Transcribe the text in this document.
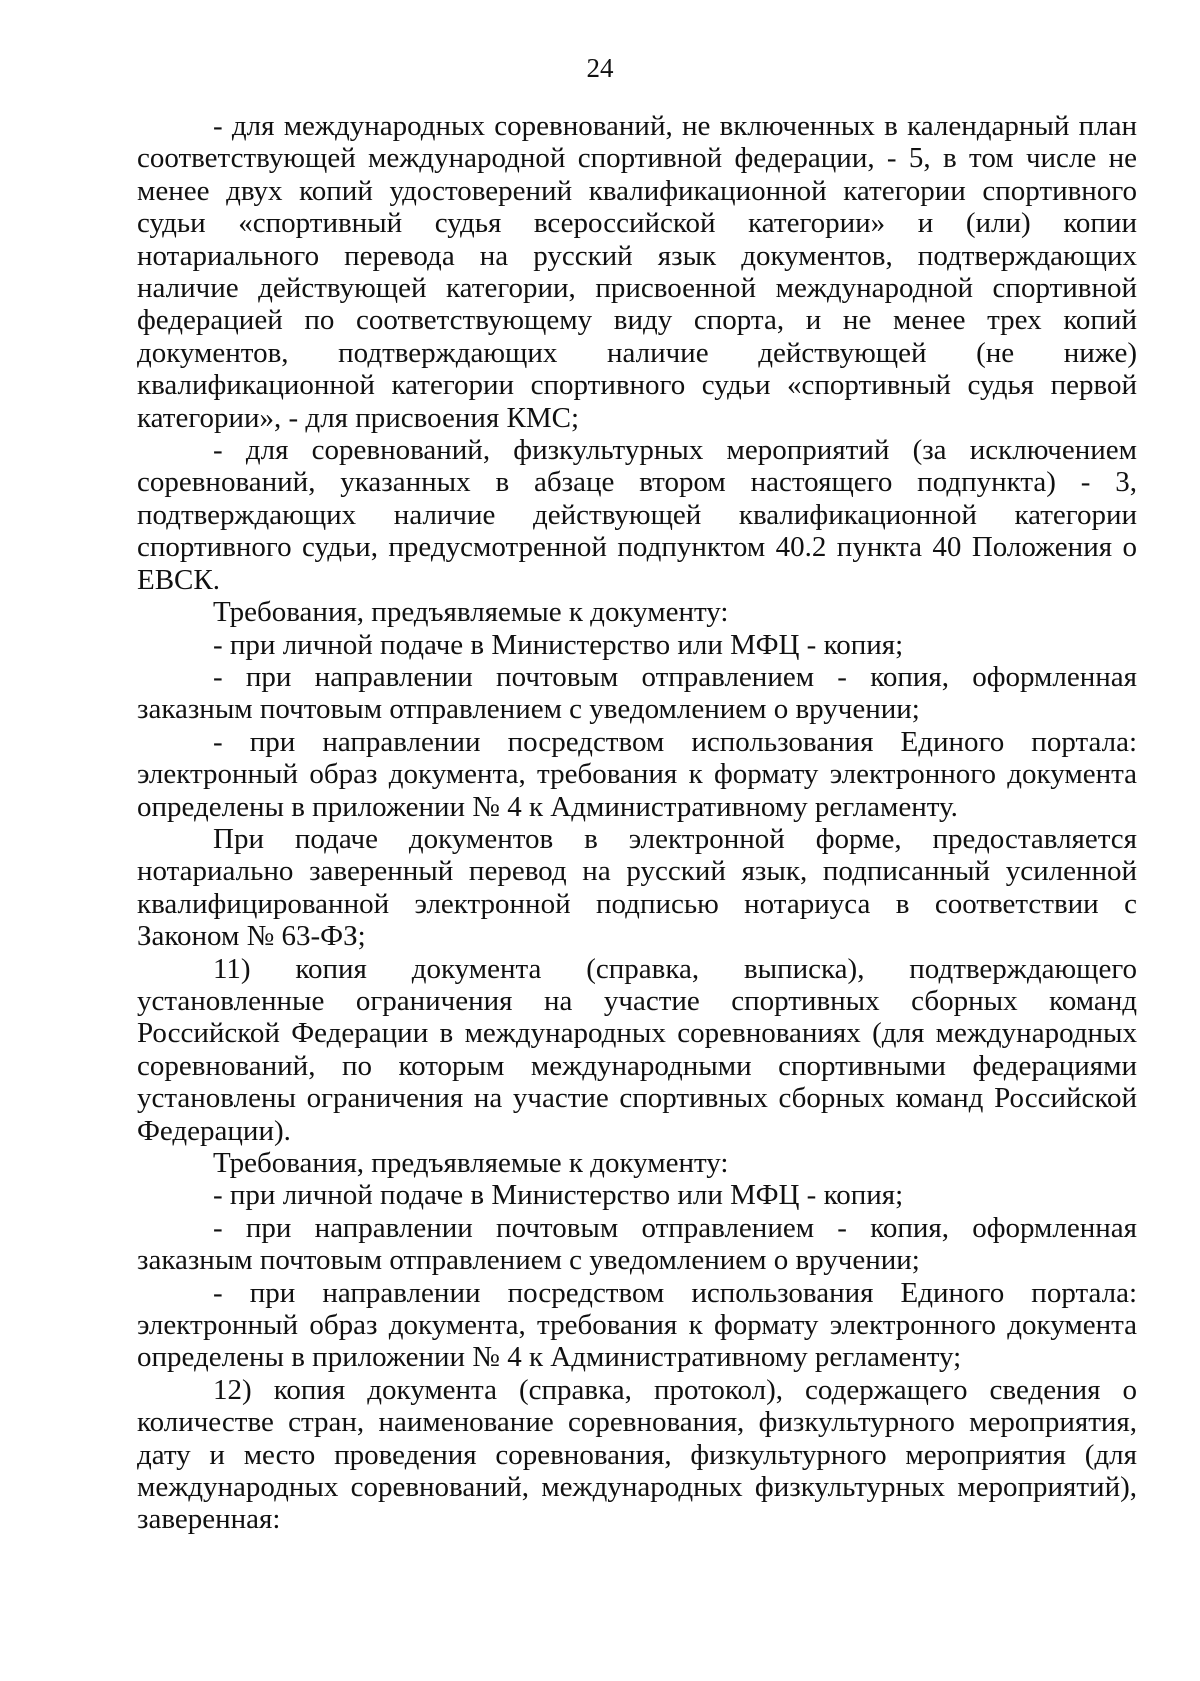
24

- для международных соревнований, не включенных в календарный план соответствующей международной спортивной федерации, - 5, в том числе не менее двух копий удостоверений квалификационной категории спортивного судьи «спортивный судья всероссийской категории» и (или) копии нотариального перевода на русский язык документов, подтверждающих наличие действующей категории, присвоенной международной спортивной федерацией по соответствующему виду спорта, и не менее трех копий документов, подтверждающих наличие действующей (не ниже) квалификационной категории спортивного судьи «спортивный судья первой категории», - для присвоения КМС;

- для соревнований, физкультурных мероприятий (за исключением соревнований, указанных в абзаце втором настоящего подпункта) - 3, подтверждающих наличие действующей квалификационной категории спортивного судьи, предусмотренной подпунктом 40.2 пункта 40 Положения о ЕВСК.

Требования, предъявляемые к документу:

- при личной подаче в Министерство или МФЦ - копия;

- при направлении почтовым отправлением - копия, оформленная заказным почтовым отправлением с уведомлением о вручении;

- при направлении посредством использования Единого портала: электронный образ документа, требования к формату электронного документа определены в приложении № 4 к Административному регламенту.

При подаче документов в электронной форме, предоставляется нотариально заверенный перевод на русский язык, подписанный усиленной квалифицированной электронной подписью нотариуса в соответствии с Законом № 63-ФЗ;

11) копия документа (справка, выписка), подтверждающего установленные ограничения на участие спортивных сборных команд Российской Федерации в международных соревнованиях (для международных соревнований, по которым международными спортивными федерациями установлены ограничения на участие спортивных сборных команд Российской Федерации).

Требования, предъявляемые к документу:

- при личной подаче в Министерство или МФЦ - копия;

- при направлении почтовым отправлением - копия, оформленная заказным почтовым отправлением с уведомлением о вручении;

- при направлении посредством использования Единого портала: электронный образ документа, требования к формату электронного документа определены в приложении № 4 к Административному регламенту;

12) копия документа (справка, протокол), содержащего сведения о количестве стран, наименование соревнования, физкультурного мероприятия, дату и место проведения соревнования, физкультурного мероприятия (для международных соревнований, международных физкультурных мероприятий), заверенная:
